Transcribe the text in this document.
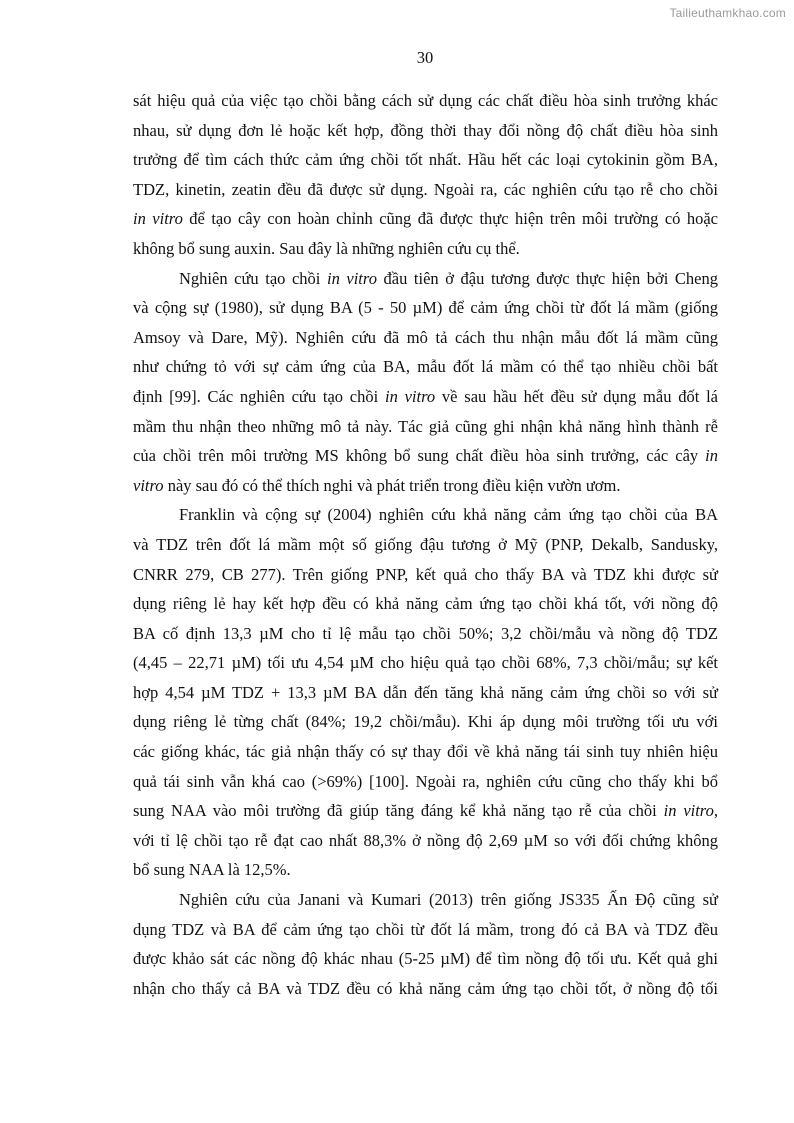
Tailieuthamkhao.com
30
sát hiệu quả của việc tạo chồi bằng cách sử dụng các chất điều hòa sinh trưởng khác
nhau, sử dụng đơn lẻ hoặc kết hợp, đồng thời thay đổi nồng độ chất điều hòa sinh
trưởng để tìm cách thức cảm ứng chồi tốt nhất. Hầu hết các loại cytokinin gồm BA,
TDZ, kinetin, zeatin đều đã được sử dụng. Ngoài ra, các nghiên cứu tạo rễ cho chồi
in vitro để tạo cây con hoàn chỉnh cũng đã được thực hiện trên môi trường có hoặc
không bổ sung auxin. Sau đây là những nghiên cứu cụ thể.
Nghiên cứu tạo chồi in vitro đầu tiên ở đậu tương được thực hiện bởi Cheng
và cộng sự (1980), sử dụng BA (5 - 50 µM) để cảm ứng chồi từ đốt lá mầm (giống
Amsoy và Dare, Mỹ). Nghiên cứu đã mô tả cách thu nhận mẫu đốt lá mầm cũng
như chứng tỏ với sự cảm ứng của BA, mẫu đốt lá mầm có thể tạo nhiều chồi bất
định [99]. Các nghiên cứu tạo chồi in vitro về sau hầu hết đều sử dụng mẫu đốt lá
mầm thu nhận theo những mô tả này. Tác giả cũng ghi nhận khả năng hình thành rễ
của chồi trên môi trường MS không bổ sung chất điều hòa sinh trưởng, các cây in
vitro này sau đó có thể thích nghi và phát triển trong điều kiện vườn ươm.
Franklin và cộng sự (2004) nghiên cứu khả năng cảm ứng tạo chồi của BA
và TDZ trên đốt lá mầm một số giống đậu tương ở Mỹ (PNP, Dekalb, Sandusky,
CNRR 279, CB 277). Trên giống PNP, kết quả cho thấy BA và TDZ khi được sử
dụng riêng lẻ hay kết hợp đều có khả năng cảm ứng tạo chồi khá tốt, với nồng độ
BA cố định 13,3 µM cho tỉ lệ mẫu tạo chồi 50%; 3,2 chồi/mẫu và nồng độ TDZ
(4,45 – 22,71 µM) tối ưu 4,54 µM cho hiệu quả tạo chồi 68%, 7,3 chồi/mẫu; sự kết
hợp 4,54 µM TDZ + 13,3 µM BA dẫn đến tăng khả năng cảm ứng chồi so với sử
dụng riêng lẻ từng chất (84%; 19,2 chồi/mẫu). Khi áp dụng môi trường tối ưu với
các giống khác, tác giả nhận thấy có sự thay đổi về khả năng tái sinh tuy nhiên hiệu
quả tái sinh vẫn khá cao (>69%) [100]. Ngoài ra, nghiên cứu cũng cho thấy khi bổ
sung NAA vào môi trường đã giúp tăng đáng kể khả năng tạo rễ của chồi in vitro,
với tỉ lệ chồi tạo rễ đạt cao nhất 88,3% ở nồng độ 2,69 µM so với đối chứng không
bổ sung NAA là 12,5%.
Nghiên cứu của Janani và Kumari (2013) trên giống JS335 Ấn Độ cũng sử
dụng TDZ và BA để cảm ứng tạo chồi từ đốt lá mầm, trong đó cả BA và TDZ đều
được khảo sát các nồng độ khác nhau (5-25 µM) để tìm nồng độ tối ưu. Kết quả ghi
nhận cho thấy cả BA và TDZ đều có khả năng cảm ứng tạo chồi tốt, ở nồng độ tối
